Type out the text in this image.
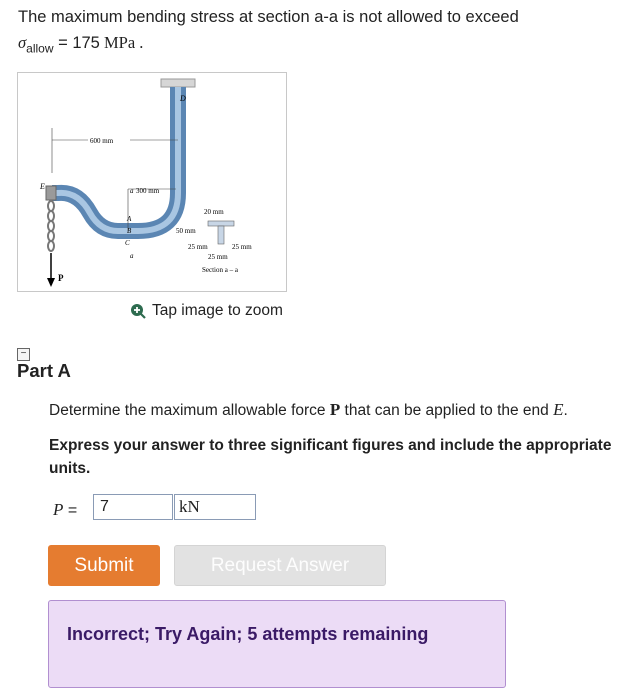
The maximum bending stress at section a-a is not allowed to exceed
$\sigma_{allow} = 175$ MPa .
P
600 mm
300 mm
a
a
D
E
A
B
C
20 mm
50 mm
25 mm	25 mm
25 mm
Section a – a
Tap image to zoom
−
Part A
Determine the maximum allowable force P that can be applied to the end E.
Express your answer to three significant figures and include the appropriate units.
P =
7
kN
Submit	Request Answer
Incorrect; Try Again; 5 attempts remaining
